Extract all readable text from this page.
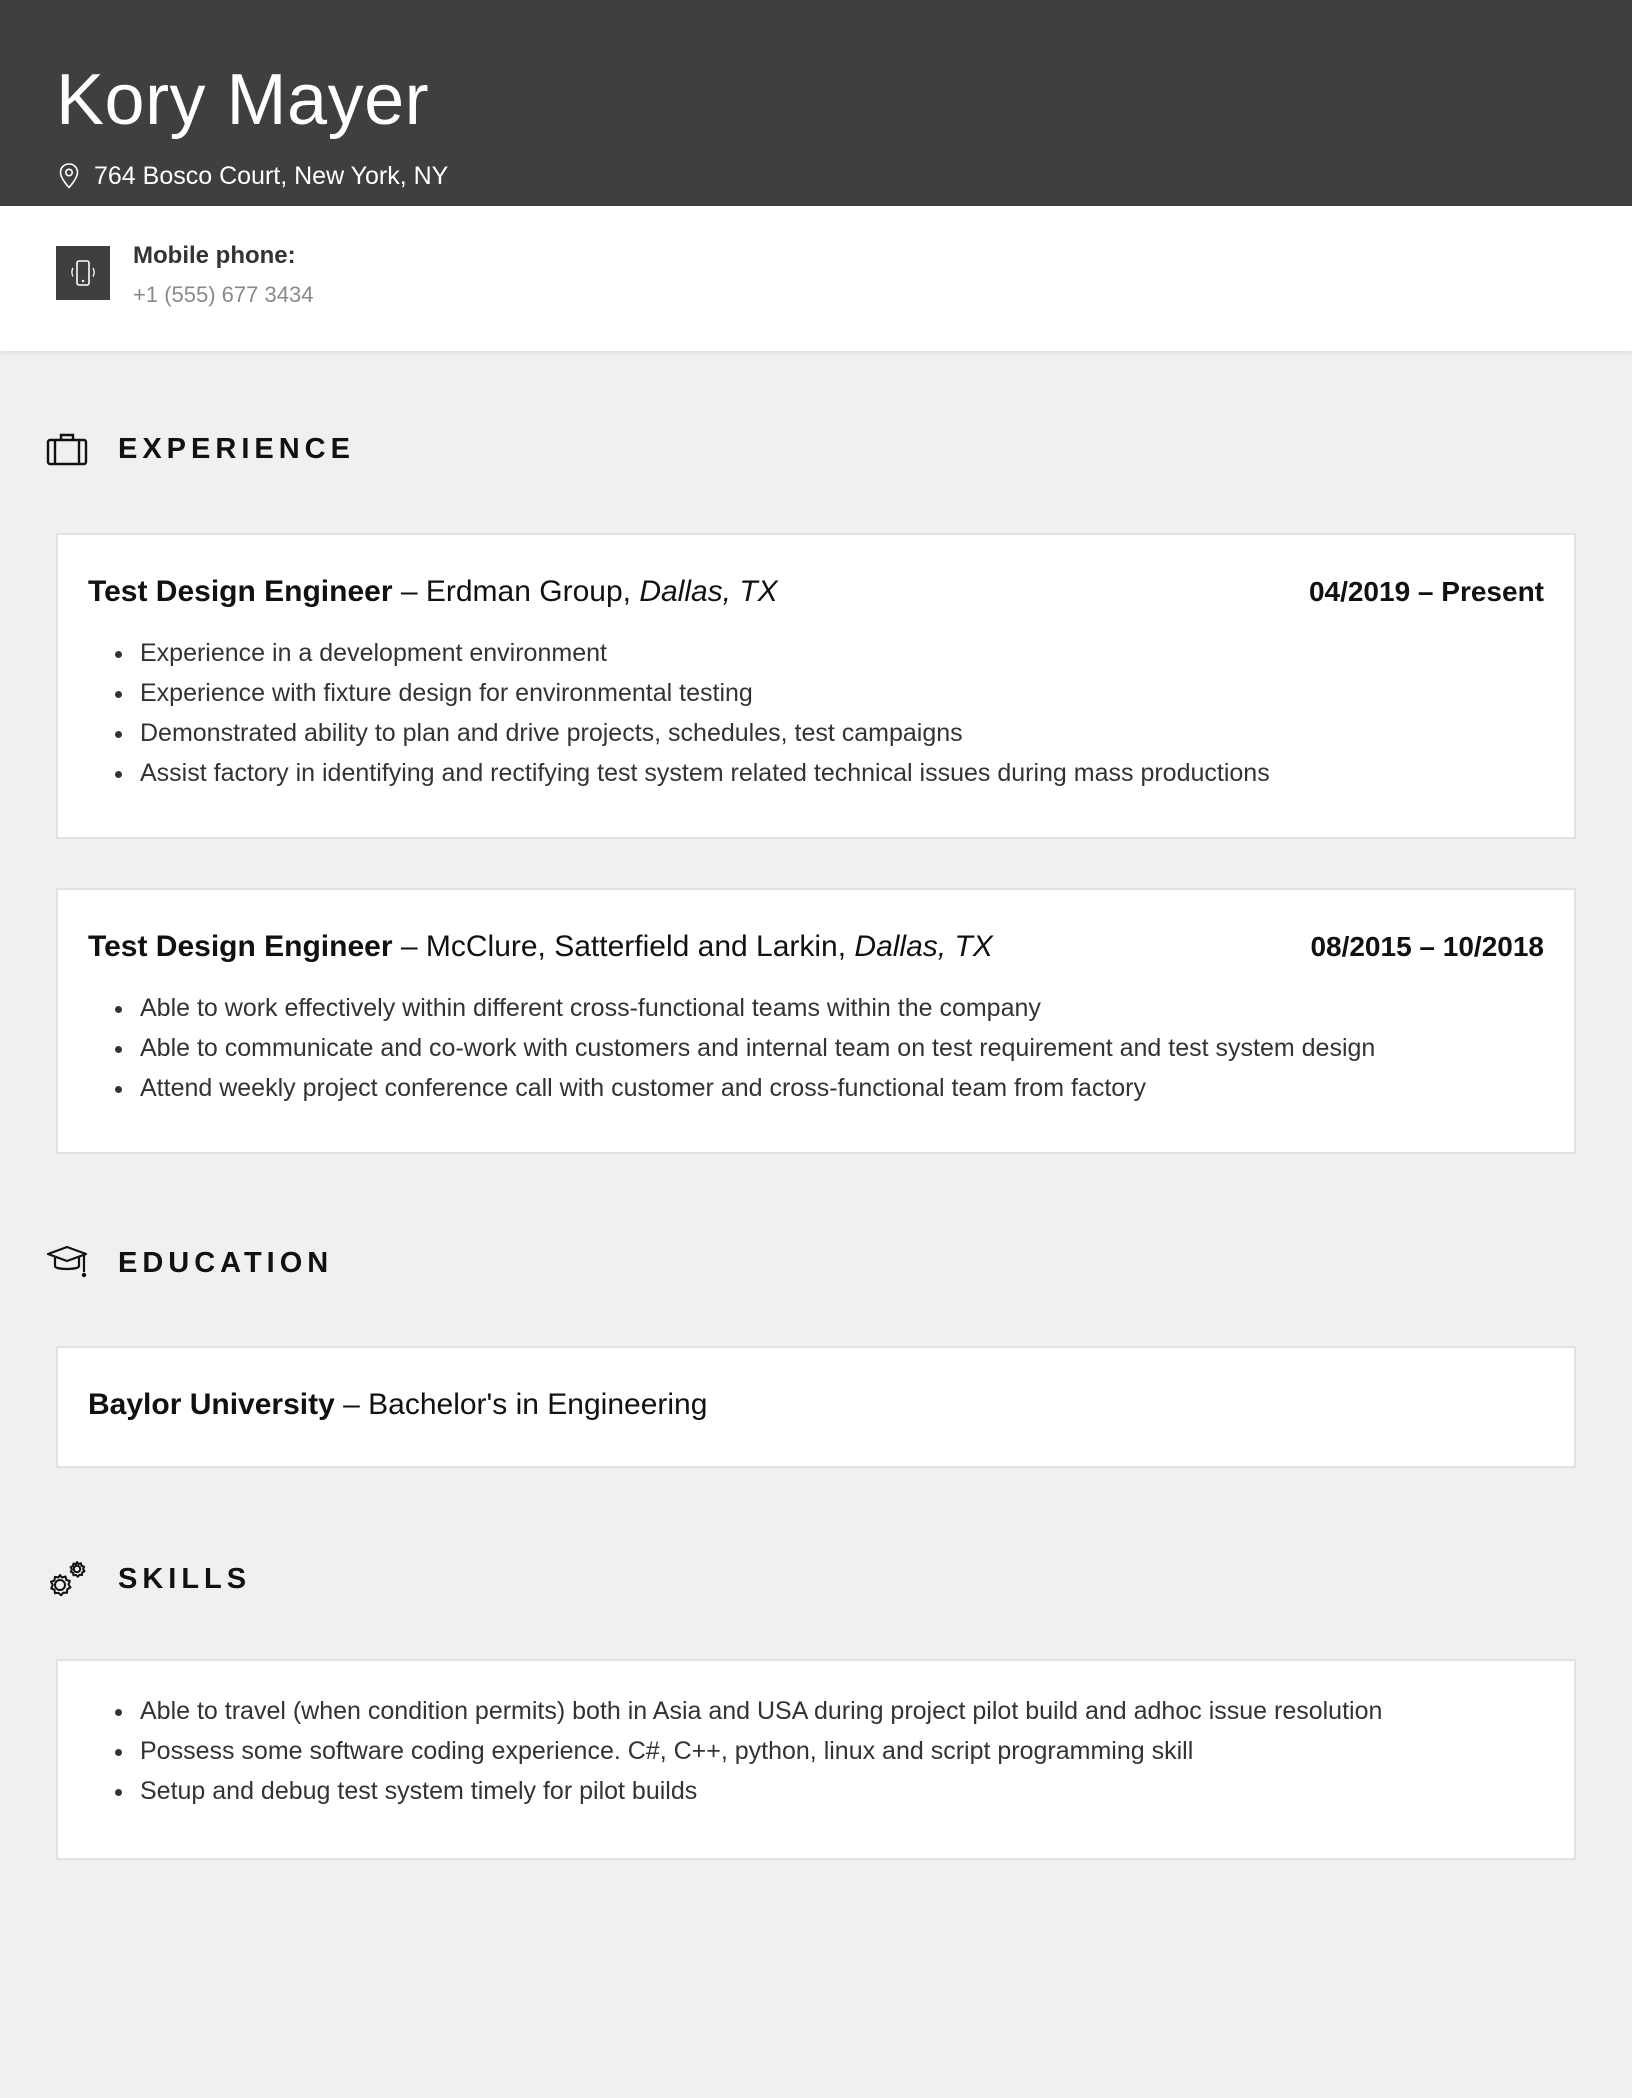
Kory Mayer
764 Bosco Court, New York, NY
Mobile phone:
+1 (555) 677 3434
EXPERIENCE
Test Design Engineer – Erdman Group, Dallas, TX	04/2019 – Present
• Experience in a development environment
• Experience with fixture design for environmental testing
• Demonstrated ability to plan and drive projects, schedules, test campaigns
• Assist factory in identifying and rectifying test system related technical issues during mass productions
Test Design Engineer – McClure, Satterfield and Larkin, Dallas, TX	08/2015 – 10/2018
• Able to work effectively within different cross-functional teams within the company
• Able to communicate and co-work with customers and internal team on test requirement and test system design
• Attend weekly project conference call with customer and cross-functional team from factory
EDUCATION
Baylor University – Bachelor's in Engineering
SKILLS
• Able to travel (when condition permits) both in Asia and USA during project pilot build and adhoc issue resolution
• Possess some software coding experience. C#, C++, python, linux and script programming skill
• Setup and debug test system timely for pilot builds
